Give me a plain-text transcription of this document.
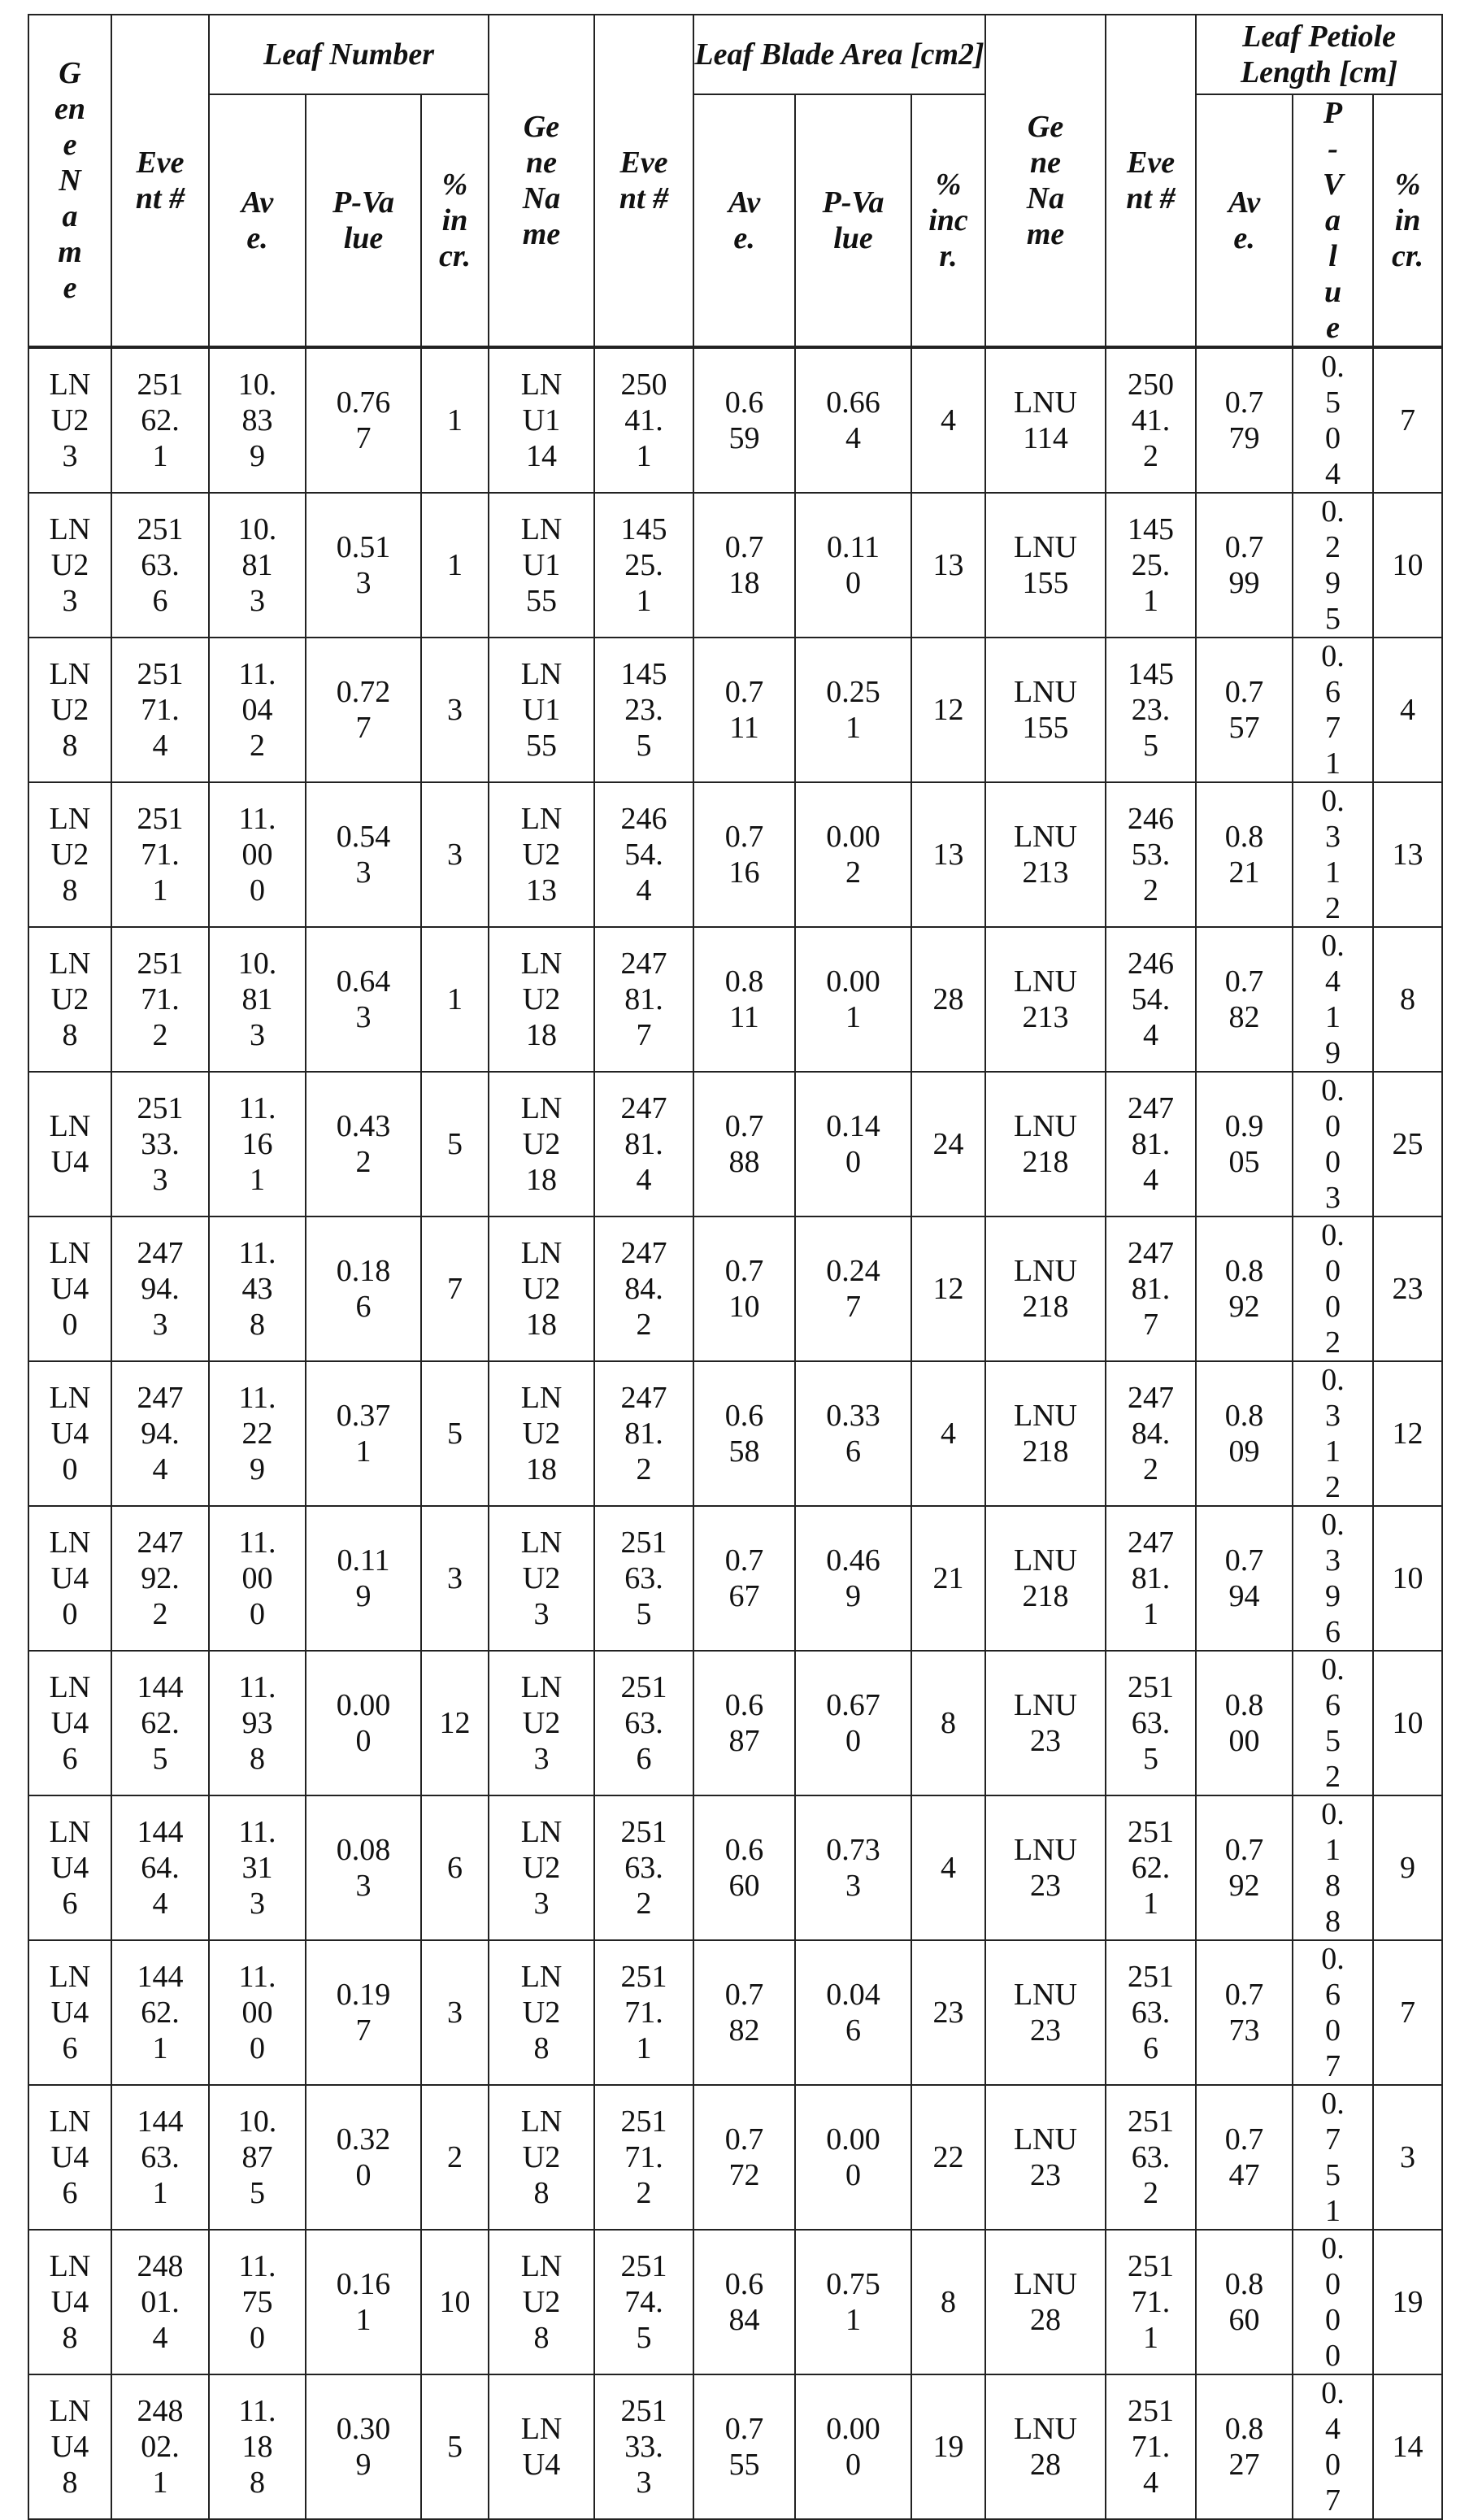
Gene Name	Event #	Leaf Number	Gene Name	Event #	Leaf Blade Area [cm2]	Gene Name	Event #	Leaf Petiole Length [cm]
Ave.	P-Value	% incr.	Ave.	P-Value	% incr.	Ave.	P-Value	% incr.

LNU23

25162.1

10.839

0.767

1

LNU114

25041.1

0.659

0.664

4

LNU114

25041.2

0.779

0.504

7

LNU23

25163.6

10.813

0.513

1

LNU155

14525.1

0.718

0.110

13

LNU155

14525.1

0.799

0.295

10

LNU28

25171.4

11.042

0.727

3

LNU155

14523.5

0.711

0.251

12

LNU155

14523.5

0.757

0.671

4

LNU28

25171.1

11.000

0.543

3

LNU213

24654.4

0.716

0.002

13

LNU213

24653.2

0.821

0.312

13

LNU28

25171.2

10.813

0.643

1

LNU218

24781.7

0.811

0.001

28

LNU213

24654.4

0.782

0.419

8

LNU4

25133.3

11.161

0.432

5

LNU218

24781.4

0.788

0.140

24

LNU218

24781.4

0.905

0.003

25

LNU40

24794.3

11.438

0.186

7

LNU218

24784.2

0.710

0.247

12

LNU218

24781.7

0.892

0.002

23

LNU40

24794.4

11.229

0.371

5

LNU218

24781.2

0.658

0.336

4

LNU218

24784.2

0.809

0.312

12

LNU40

24792.2

11.000

0.119

3

LNU23

25163.5

0.767

0.469

21

LNU218

24781.1

0.794

0.396

10

LNU46

14462.5

11.938

0.000

12

LNU23

25163.6

0.687

0.670

8

LNU23

25163.5

0.800

0.652

10

LNU46

14464.4

11.313

0.083

6

LNU23

25163.2

0.660

0.733

4

LNU23

25162.1

0.792

0.188

9

LNU46

14462.1

11.000

0.197

3

LNU28

25171.1

0.782

0.046

23

LNU23

25163.6

0.773

0.607

7

LNU46

14463.1

10.875

0.320

2

LNU28

25171.2

0.772

0.000

22

LNU23

25163.2

0.747

0.751

3

LNU48

24801.4

11.750

0.161

10

LNU28

25174.5

0.684

0.751

8

LNU28

25171.1

0.860

0.000

19

LNU48

24802.1

11.188

0.309

5

LNU4

25133.3

0.755

0.000

19

LNU28

25171.4

0.827

0.407

14
